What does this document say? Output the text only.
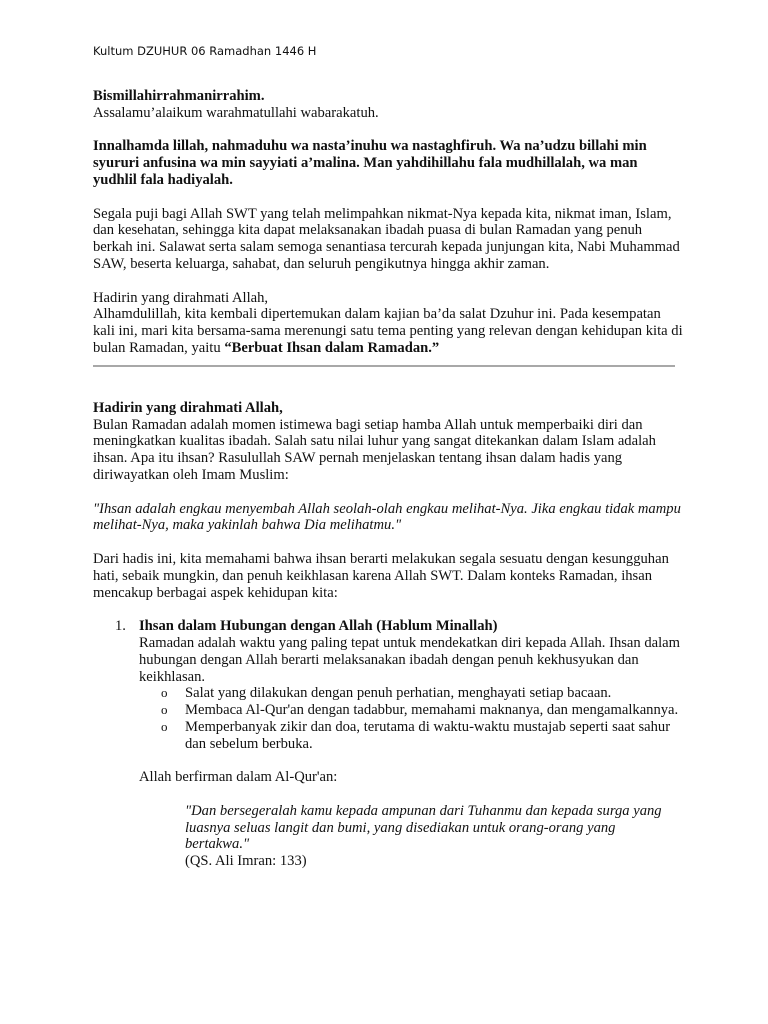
Kultum DZUHUR 06 Ramadhan 1446 H

Bismillahirrahmanirrahim.

Assalamu’alaikum warahmatullahi wabarakatuh.

Innalhamda lillah, nahmaduhu wa nasta’inuhu wa nastaghfiruh. Wa na’udzu billahi min syururi anfusina wa min sayyiati a’malina. Man yahdihillahu fala mudhillalah, wa man yudhlil fala hadiyalah.

Segala puji bagi Allah SWT yang telah melimpahkan nikmat-Nya kepada kita, nikmat iman, Islam, dan kesehatan, sehingga kita dapat melaksanakan ibadah puasa di bulan Ramadan yang penuh berkah ini. Salawat serta salam semoga senantiasa tercurah kepada junjungan kita, Nabi Muhammad SAW, beserta keluarga, sahabat, dan seluruh pengikutnya hingga akhir zaman.

Hadirin yang dirahmati Allah,

Alhamdulillah, kita kembali dipertemukan dalam kajian ba’da salat Dzuhur ini. Pada kesempatan kali ini, mari kita bersama-sama merenungi satu tema penting yang relevan dengan kehidupan kita di bulan Ramadan, yaitu “Berbuat Ihsan dalam Ramadan.”

Hadirin yang dirahmati Allah,

Bulan Ramadan adalah momen istimewa bagi setiap hamba Allah untuk memperbaiki diri dan meningkatkan kualitas ibadah. Salah satu nilai luhur yang sangat ditekankan dalam Islam adalah ihsan. Apa itu ihsan? Rasulullah SAW pernah menjelaskan tentang ihsan dalam hadis yang diriwayatkan oleh Imam Muslim:

"Ihsan adalah engkau menyembah Allah seolah-olah engkau melihat-Nya. Jika engkau tidak mampu melihat-Nya, maka yakinlah bahwa Dia melihatmu."

Dari hadis ini, kita memahami bahwa ihsan berarti melakukan segala sesuatu dengan kesungguhan hati, sebaik mungkin, dan penuh keikhlasan karena Allah SWT. Dalam konteks Ramadan, ihsan mencakup berbagai aspek kehidupan kita:

1. Ihsan dalam Hubungan dengan Allah (Hablum Minallah)

Ramadan adalah waktu yang paling tepat untuk mendekatkan diri kepada Allah. Ihsan dalam hubungan dengan Allah berarti melaksanakan ibadah dengan penuh kekhusyukan dan keikhlasan.

o Salat yang dilakukan dengan penuh perhatian, menghayati setiap bacaan.
o Membaca Al-Qur'an dengan tadabbur, memahami maknanya, dan mengamalkannya.
o Memperbanyak zikir dan doa, terutama di waktu-waktu mustajab seperti saat sahur dan sebelum berbuka.

Allah berfirman dalam Al-Qur'an:

"Dan bersegeralah kamu kepada ampunan dari Tuhanmu dan kepada surga yang luasnya seluas langit dan bumi, yang disediakan untuk orang-orang yang bertakwa."

(QS. Ali Imran: 133)
